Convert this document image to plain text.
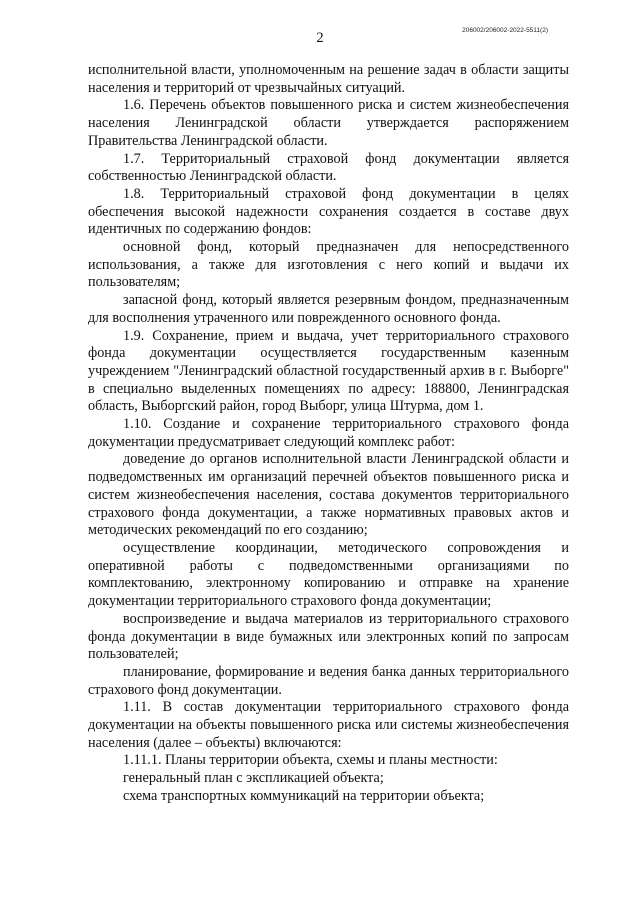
206002/206002-2022-5511(2)
2

исполнительной власти, уполномоченным на решение задач в области защиты населения и территорий от чрезвычайных ситуаций.

1.6. Перечень объектов повышенного риска и систем жизнеобеспечения населения Ленинградской области утверждается распоряжением Правительства Ленинградской области.

1.7. Территориальный страховой фонд документации является собственностью Ленинградской области.

1.8. Территориальный страховой фонд документации в целях обеспечения высокой надежности сохранения создается в составе двух идентичных по содержанию фондов:

основной фонд, который предназначен для непосредственного использования, а также для изготовления с него копий и выдачи их пользователям;

запасной фонд, который является резервным фондом, предназначенным для восполнения утраченного или поврежденного основного фонда.

1.9. Сохранение, прием и выдача, учет территориального страхового фонда документации осуществляется государственным казенным учреждением "Ленинградский областной государственный архив в г. Выборге" в специально выделенных помещениях по адресу: 188800, Ленинградская область, Выборгский район, город Выборг, улица Штурма, дом 1.

1.10. Создание и сохранение территориального страхового фонда документации предусматривает следующий комплекс работ:

доведение до органов исполнительной власти Ленинградской области и подведомственных им организаций перечней объектов повышенного риска и систем жизнеобеспечения населения, состава документов территориального страхового фонда документации, а также нормативных правовых актов и методических рекомендаций по его созданию;

осуществление координации, методического сопровождения и оперативной работы с подведомственными организациями по комплектованию, электронному копированию и отправке на хранение документации территориального страхового фонда документации;

воспроизведение и выдача материалов из территориального страхового фонда документации в виде бумажных или электронных копий по запросам пользователей;

планирование, формирование и ведения банка данных территориального страхового фонд документации.

1.11. В состав документации территориального страхового фонда документации на объекты повышенного риска или системы жизнеобеспечения населения (далее – объекты) включаются:

1.11.1. Планы территории объекта, схемы и планы местности:

генеральный план с экспликацией объекта;

схема транспортных коммуникаций на территории объекта;
